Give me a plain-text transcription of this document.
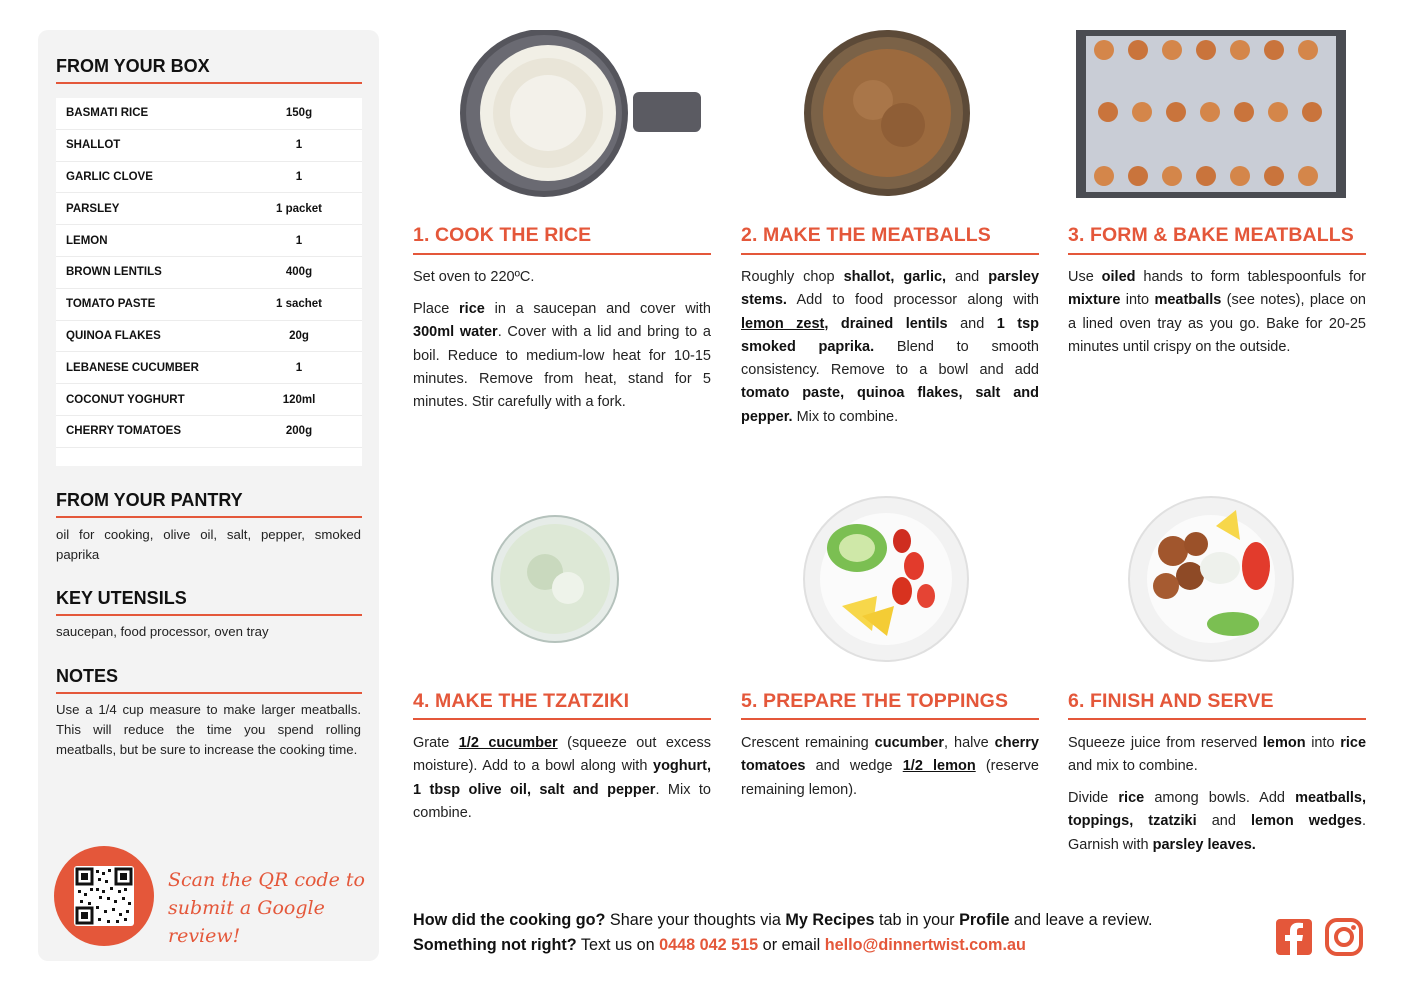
FROM YOUR BOX
BASMATI RICE	150g
SHALLOT	1
GARLIC CLOVE	1
PARSLEY	1 packet
LEMON	1
BROWN LENTILS	400g
TOMATO PASTE	1 sachet
QUINOA FLAKES	20g
LEBANESE CUCUMBER	1
COCONUT YOGHURT	120ml
CHERRY TOMATOES	200g
FROM YOUR PANTRY
oil for cooking, olive oil, salt, pepper, smoked paprika
KEY UTENSILS
saucepan, food processor, oven tray
NOTES
Use a 1/4 cup measure to make larger meatballs. This will reduce the time you spend rolling meatballs, but be sure to increase the cooking time.
Scan the QR code to
submit a Google review!
1. COOK THE RICE	2. MAKE THE MEATBALLS	3. FORM & BAKE MEATBALLS
4. MAKE THE TZATZIKI	5. PREPARE THE TOPPINGS	6. FINISH AND SERVE

Set oven to 220ºC.

Place rice in a saucepan and cover with 300ml water. Cover with a lid and bring to a boil. Reduce to medium-low heat for 10-15 minutes. Remove from heat, stand for 5 minutes. Stir carefully with a fork.

Roughly chop shallot, garlic, and parsley stems. Add to food processor along with lemon zest, drained lentils and 1 tsp smoked paprika. Blend to smooth consistency. Remove to a bowl and add tomato paste, quinoa flakes, salt and pepper. Mix to combine.

Use oiled hands to form tablespoonfuls for mixture into meatballs (see notes), place on a lined oven tray as you go. Bake for 20-25 minutes until crispy on the outside.

Grate 1/2 cucumber (squeeze out excess moisture). Add to a bowl along with yoghurt, 1 tbsp olive oil, salt and pepper. Mix to combine.

Crescent remaining cucumber, halve cherry tomatoes and wedge 1/2 lemon (reserve remaining lemon).

Squeeze juice from reserved lemon into rice and mix to combine.

Divide rice among bowls. Add meatballs, toppings, tzatziki and lemon wedges. Garnish with parsley leaves.

How did the cooking go? Share your thoughts via My Recipes tab in your Profile and leave a review.
Something not right? Text us on 0448 042 515 or email hello@dinnertwist.com.au
